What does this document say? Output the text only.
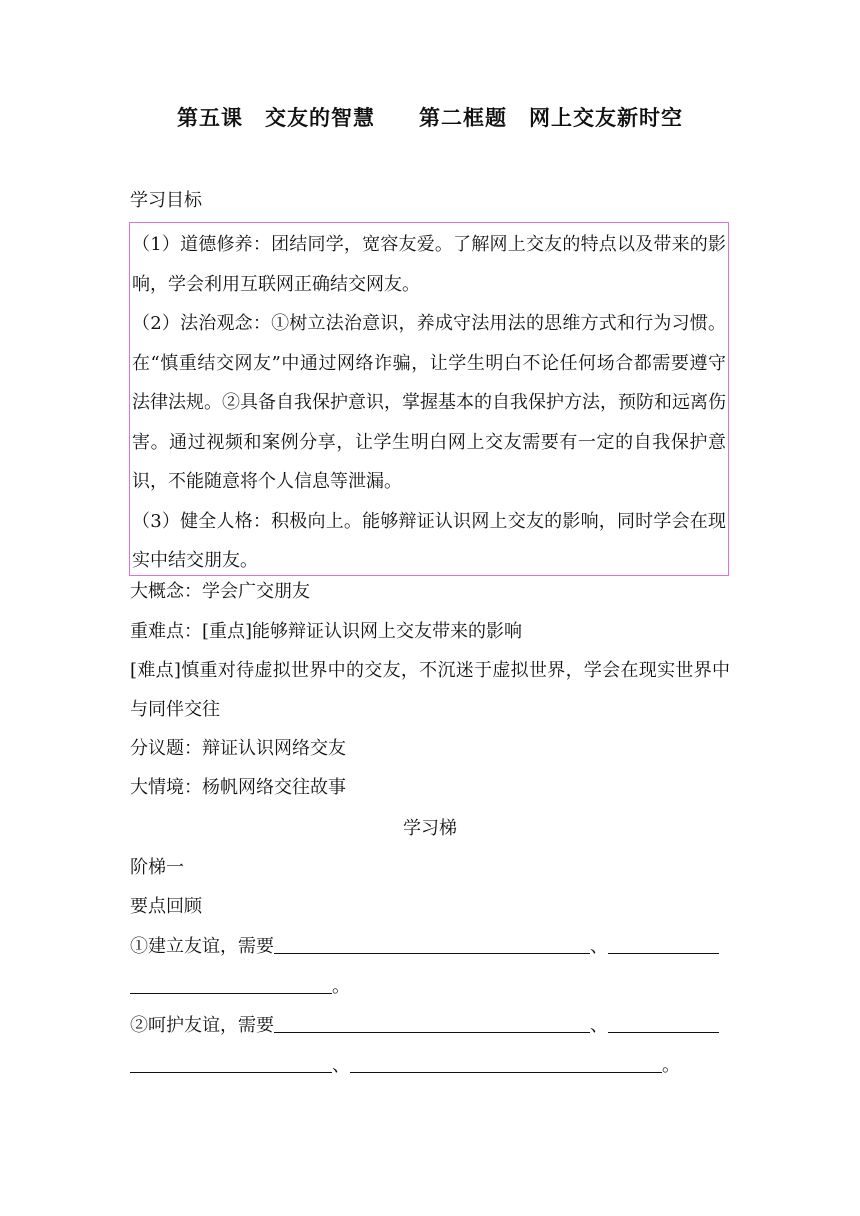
第五课　交友的智慧　　第二框题　网上交友新时空
学习目标

（1）道德修养：团结同学，宽容友爱。了解网上交友的特点以及带来的影响，学会利用互联网正确结交网友。

（2）法治观念：①树立法治意识，养成守法用法的思维方式和行为习惯。在“慎重结交网友”中通过网络诈骗，让学生明白不论任何场合都需要遵守法律法规。②具备自我保护意识，掌握基本的自我保护方法，预防和远离伤害。通过视频和案例分享，让学生明白网上交友需要有一定的自我保护意识，不能随意将个人信息等泄漏。

（3）健全人格：积极向上。能够辩证认识网上交友的影响，同时学会在现实中结交朋友。

大概念：学会广交朋友
重难点：[重点]能够辩证认识网上交友带来的影响
[难点]慎重对待虚拟世界中的交友，不沉迷于虚拟世界，学会在现实世界中与同伴交往
分议题：辩证认识网络交友
大情境：杨帆网络交往故事
学习梯
阶梯一
要点回顾
①建立友谊，需要	、
。
②呵护友谊，需要	、
、	。
